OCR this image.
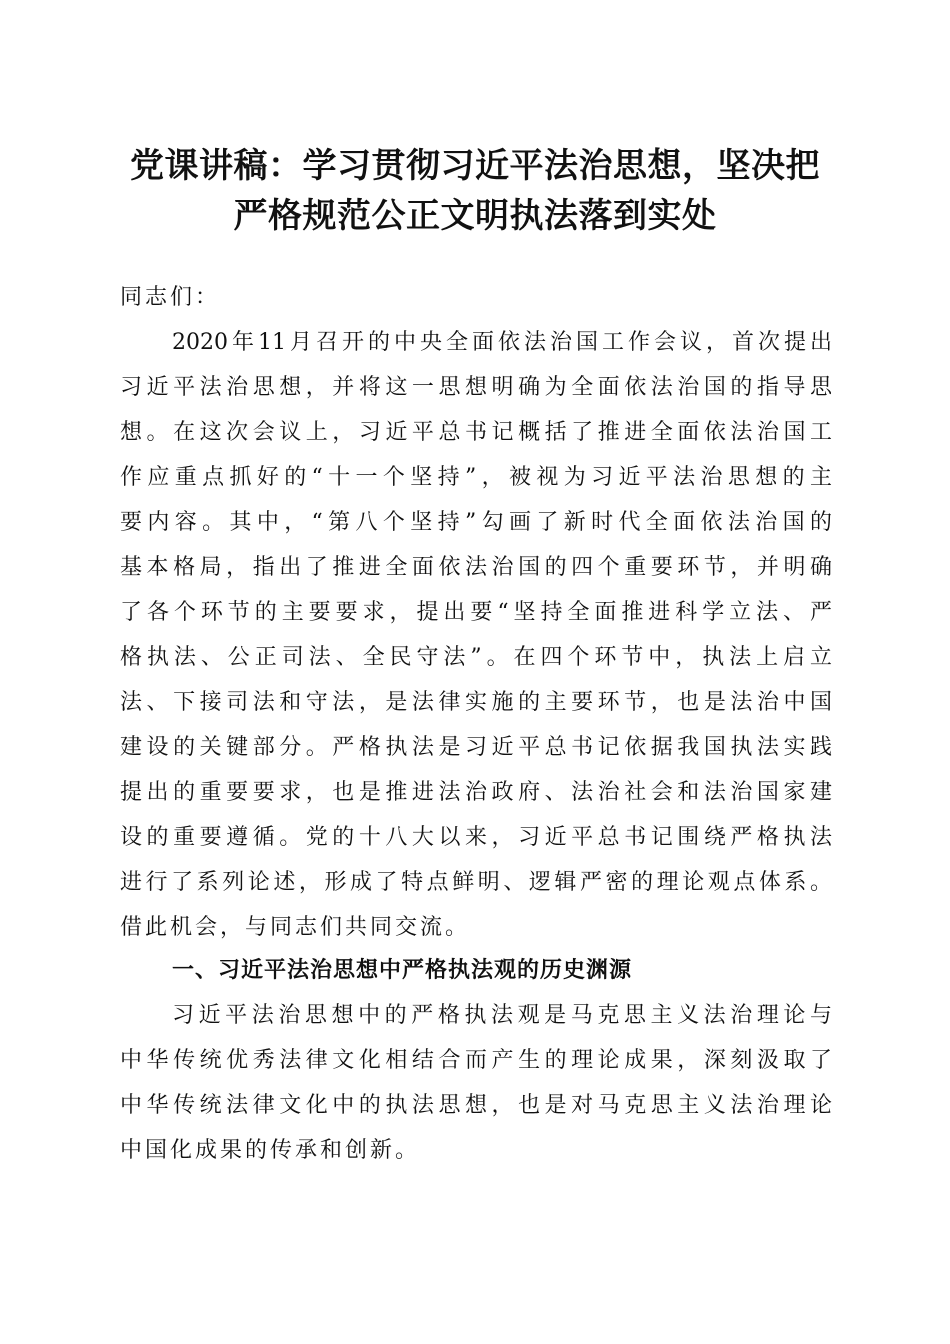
党课讲稿：学习贯彻习近平法治思想，坚决把
严格规范公正文明执法落到实处

同志们：

2020年11月召开的中央全面依法治国工作会议，首次提出

习近平法治思想，并将这一思想明确为全面依法治国的指导思

想。在这次会议上，习近平总书记概括了推进全面依法治国工

作应重点抓好的“十一个坚持”，被视为习近平法治思想的主

要内容。其中，“第八个坚持”勾画了新时代全面依法治国的

基本格局，指出了推进全面依法治国的四个重要环节，并明确

了各个环节的主要要求，提出要“坚持全面推进科学立法、严

格执法、公正司法、全民守法”。在四个环节中，执法上启立

法、下接司法和守法，是法律实施的主要环节，也是法治中国

建设的关键部分。严格执法是习近平总书记依据我国执法实践

提出的重要要求，也是推进法治政府、法治社会和法治国家建

设的重要遵循。党的十八大以来，习近平总书记围绕严格执法

进行了系列论述，形成了特点鲜明、逻辑严密的理论观点体系。

借此机会，与同志们共同交流。

一、习近平法治思想中严格执法观的历史渊源

习近平法治思想中的严格执法观是马克思主义法治理论与

中华传统优秀法律文化相结合而产生的理论成果，深刻汲取了

中华传统法律文化中的执法思想，也是对马克思主义法治理论

中国化成果的传承和创新。
